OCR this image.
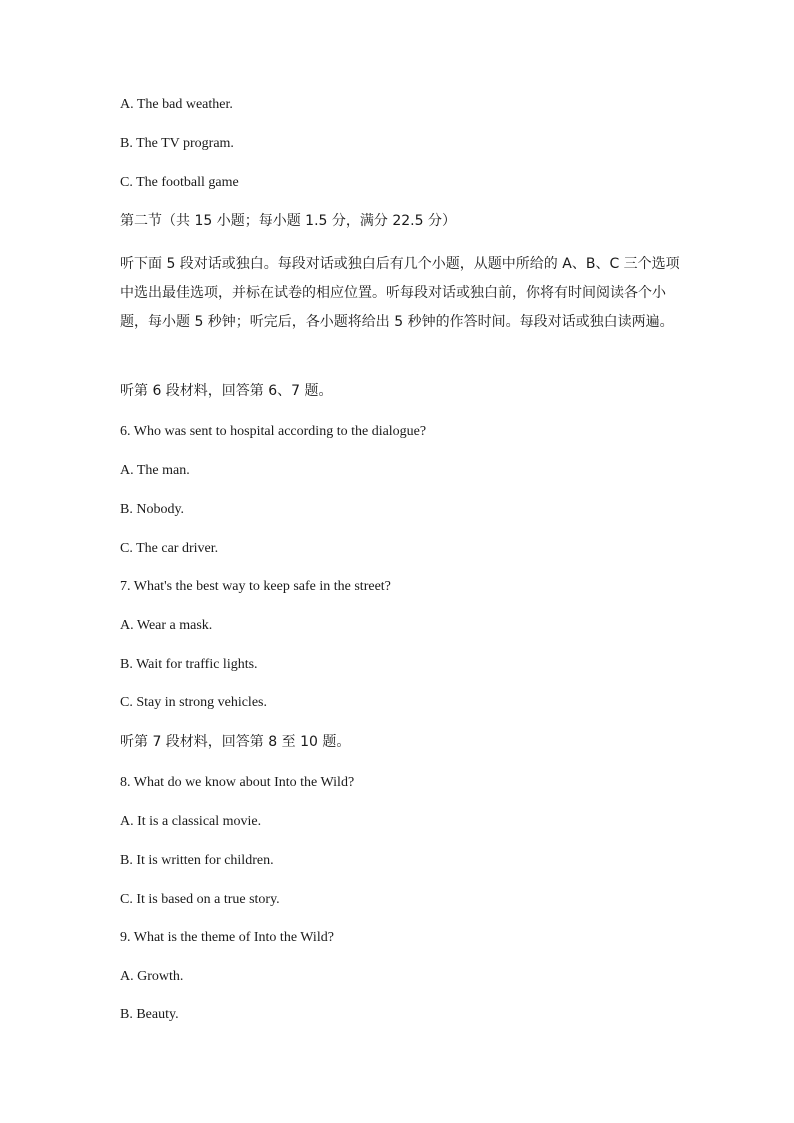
A. The bad weather.
B. The TV program.
C. The football game
第二节（共 15 小题；每小题 1.5 分，满分 22.5 分）
听下面 5 段对话或独白。每段对话或独白后有几个小题，从题中所给的 A、B、C 三个选项中选出最佳选项，并标在试卷的相应位置。听每段对话或独白前，你将有时间阅读各个小题，每小题 5 秒钟；听完后，各小题将给出 5 秒钟的作答时间。每段对话或独白读两遍。
听第 6 段材料，回答第 6、7 题。
6. Who was sent to hospital according to the dialogue?
A. The man.
B. Nobody.
C. The car driver.
7. What's the best way to keep safe in the street?
A. Wear a mask.
B. Wait for traffic lights.
C. Stay in strong vehicles.
听第 7 段材料，回答第 8 至 10 题。
8. What do we know about Into the Wild?
A. It is a classical movie.
B. It is written for children.
C. It is based on a true story.
9. What is the theme of Into the Wild?
A. Growth.
B. Beauty.
